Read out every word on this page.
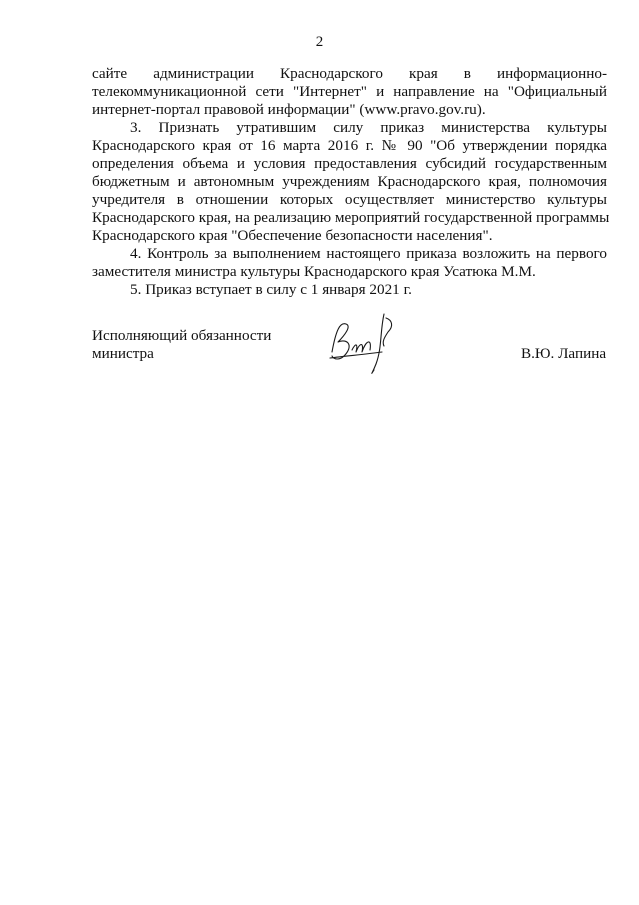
2
сайте администрации Краснодарского края в информационно-
телекоммуникационной сети "Интернет" и направление на "Официальный
интернет-портал правовой информации" (www.pravo.gov.ru).
3. Признать утратившим силу приказ министерства культуры
Краснодарского края от 16 марта 2016 г. № 90 "Об утверждении порядка
определения объема и условия предоставления субсидий государственным
бюджетным и автономным учреждениям Краснодарского края, полномочия
учредителя в отношении которых осуществляет министерство культуры
Краснодарского края, на реализацию мероприятий государственной программы
Краснодарского края "Обеспечение безопасности населения".
4. Контроль за выполнением настоящего приказа возложить на первого
заместителя министра культуры Краснодарского края Усатюка М.М.
5. Приказ вступает в силу с 1 января 2021 г.
Исполняющий обязанности
министра	В.Ю. Лапина
